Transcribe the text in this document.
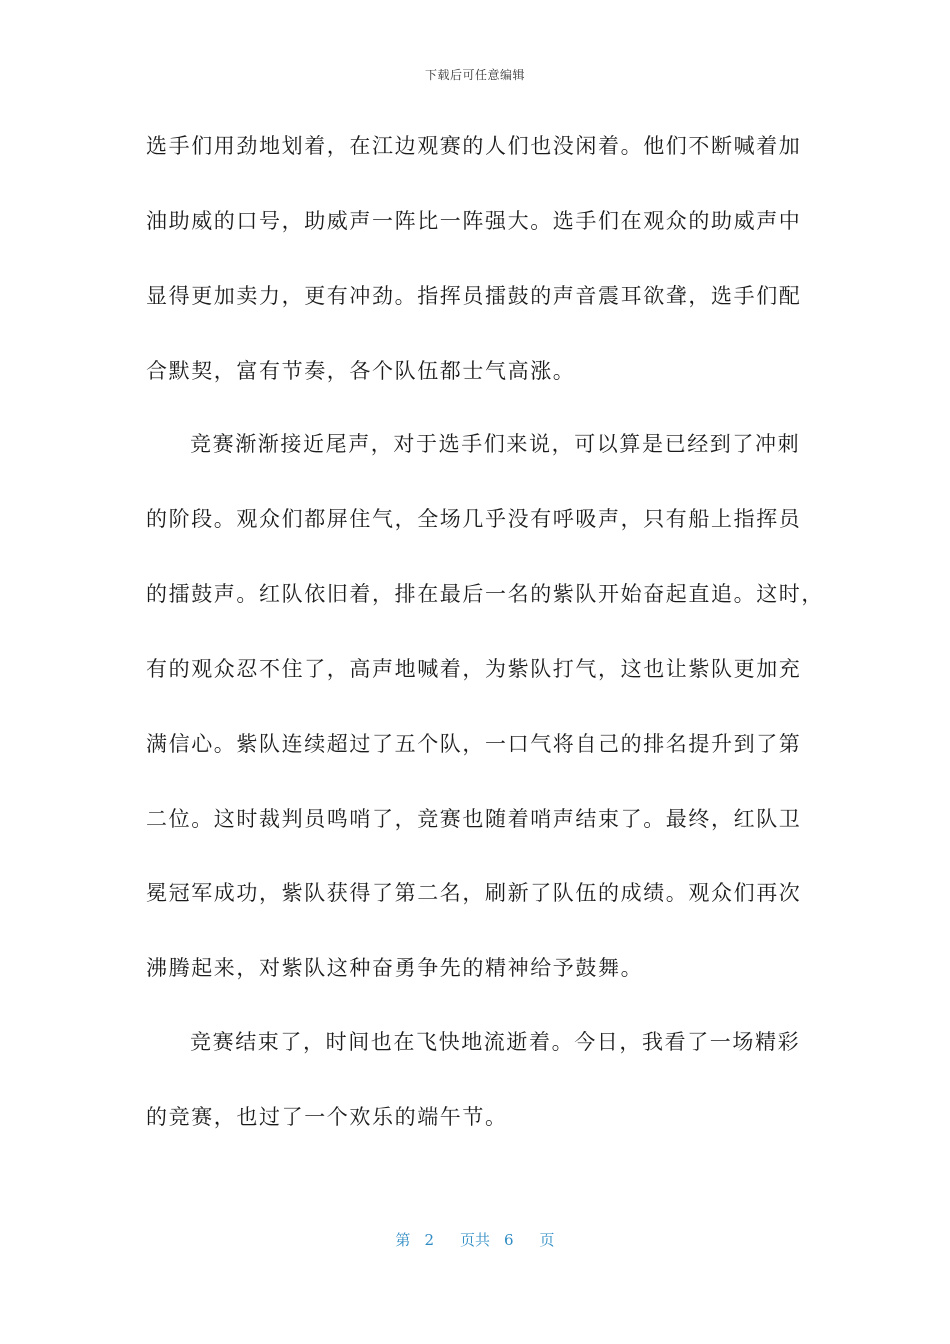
下载后可任意编辑
选手们用劲地划着，在江边观赛的人们也没闲着。他们不断喊着加
油助威的口号，助威声一阵比一阵强大。选手们在观众的助威声中
显得更加卖力，更有冲劲。指挥员擂鼓的声音震耳欲聋，选手们配
合默契，富有节奏，各个队伍都士气高涨。
竞赛渐渐接近尾声，对于选手们来说，可以算是已经到了冲刺
的阶段。观众们都屏住气，全场几乎没有呼吸声，只有船上指挥员
的擂鼓声。红队依旧着，排在最后一名的紫队开始奋起直追。这时，
有的观众忍不住了，高声地喊着，为紫队打气，这也让紫队更加充
满信心。紫队连续超过了五个队，一口气将自己的排名提升到了第
二位。这时裁判员鸣哨了，竞赛也随着哨声结束了。最终，红队卫
冕冠军成功，紫队获得了第二名，刷新了队伍的成绩。观众们再次
沸腾起来，对紫队这种奋勇争先的精神给予鼓舞。
竞赛结束了，时间也在飞快地流逝着。今日，我看了一场精彩
的竞赛，也过了一个欢乐的端午节。
第 2 页共 6 页
